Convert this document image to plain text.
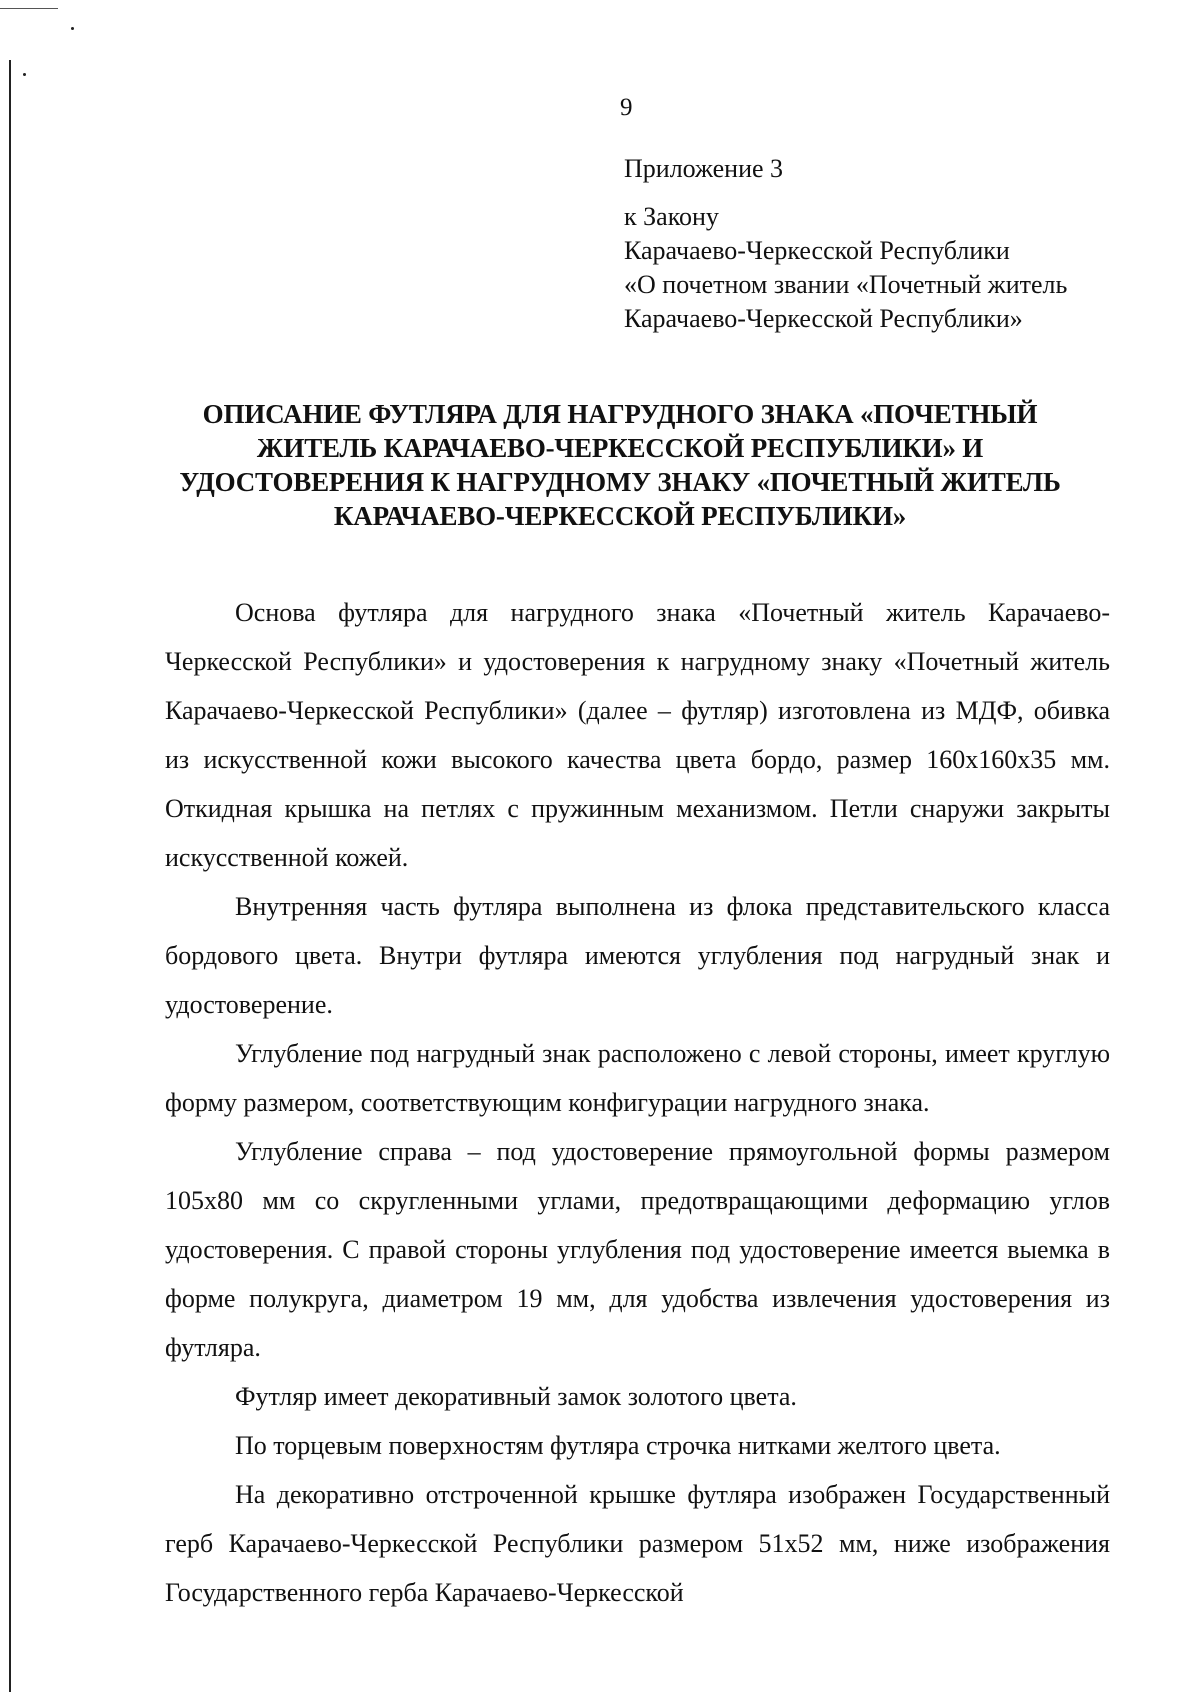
9
Приложение 3
к Закону
Карачаево-Черкесской Республики
«О почетном звании «Почетный житель
Карачаево-Черкесской Республики»
ОПИСАНИЕ ФУТЛЯРА ДЛЯ НАГРУДНОГО ЗНАКА «ПОЧЕТНЫЙ ЖИТЕЛЬ КАРАЧАЕВО-ЧЕРКЕССКОЙ РЕСПУБЛИКИ» И УДОСТОВЕРЕНИЯ К НАГРУДНОМУ ЗНАКУ «ПОЧЕТНЫЙ ЖИТЕЛЬ КАРАЧАЕВО-ЧЕРКЕССКОЙ РЕСПУБЛИКИ»

Основа футляра для нагрудного знака «Почетный житель Карачаево-Черкесской Республики» и удостоверения к нагрудному знаку «Почетный житель Карачаево-Черкесской Республики» (далее – футляр) изготовлена из МДФ, обивка из искусственной кожи высокого качества цвета бордо, размер 160х160х35 мм. Откидная крышка на петлях с пружинным механизмом. Петли снаружи закрыты искусственной кожей.

Внутренняя часть футляра выполнена из флока представительского класса бордового цвета. Внутри футляра имеются углубления под нагрудный знак и удостоверение.

Углубление под нагрудный знак расположено с левой стороны, имеет круглую форму размером, соответствующим конфигурации нагрудного знака.

Углубление справа – под удостоверение прямоугольной формы размером 105х80 мм со скругленными углами, предотвращающими деформацию углов удостоверения. С правой стороны углубления под удостоверение имеется выемка в форме полукруга, диаметром 19 мм, для удобства извлечения удостоверения из футляра.

Футляр имеет декоративный замок золотого цвета.

По торцевым поверхностям футляра строчка нитками желтого цвета.

На декоративно отстроченной крышке футляра изображен Государственный герб Карачаево-Черкесской Республики размером 51х52 мм, ниже изображения Государственного герба Карачаево-Черкесской
